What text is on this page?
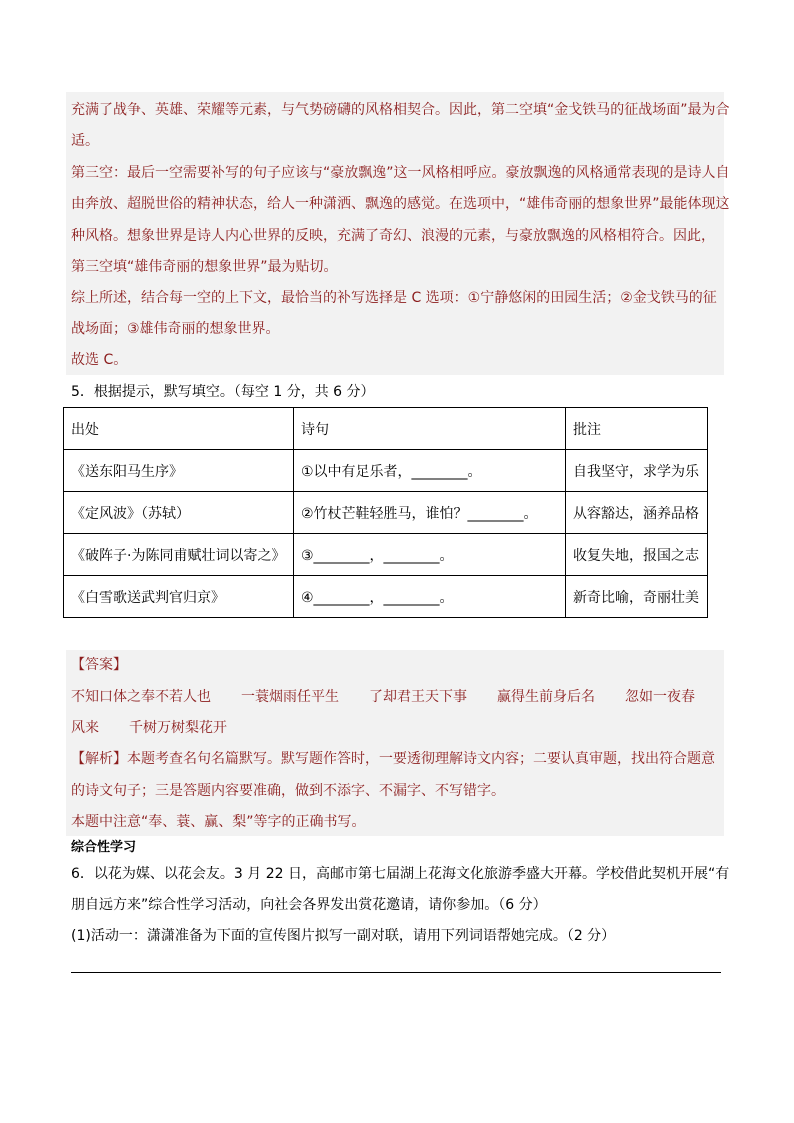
充满了战争、英雄、荣耀等元素，与气势磅礴的风格相契合。因此，第二空填“金戈铁马的征战场面”最为合
适。
第三空：最后一空需要补写的句子应该与“豪放飘逸”这一风格相呼应。豪放飘逸的风格通常表现的是诗人自
由奔放、超脱世俗的精神状态，给人一种潇洒、飘逸的感觉。在选项中，“雄伟奇丽的想象世界”最能体现这
种风格。想象世界是诗人内心世界的反映，充满了奇幻、浪漫的元素，与豪放飘逸的风格相符合。因此，
第三空填“雄伟奇丽的想象世界”最为贴切。
综上所述，结合每一空的上下文，最恰当的补写选择是 C 选项：①宁静悠闲的田园生活；②金戈铁马的征
战场面；③雄伟奇丽的想象世界。
故选 C。
5．根据提示，默写填空。（每空 1 分，共 6 分）
出处	诗句	批注
《送东阳马生序》	①以中有足乐者，________。	自我坚守，求学为乐
《定风波》（苏轼）	②竹杖芒鞋轻胜马，谁怕？________。	从容豁达，涵养品格
《破阵子·为陈同甫赋壮词以寄之》	③________，________。	收复失地，报国之志
《白雪歌送武判官归京》	④________，________。	新奇比喻，奇丽壮美
【答案】
不知口体之奉不若人也 一蓑烟雨任平生 了却君王天下事 赢得生前身后名 忽如一夜春
风来 千树万树梨花开
【解析】本题考查名句名篇默写。默写题作答时，一要透彻理解诗文内容；二要认真审题，找出符合题意
的诗文句子；三是答题内容要准确，做到不添字、不漏字、不写错字。
本题中注意“奉、蓑、赢、梨”等字的正确书写。
综合性学习
6．以花为媒、以花会友。3 月 22 日，高邮市第七届湖上花海文化旅游季盛大开幕。学校借此契机开展“有
朋自远方来”综合性学习活动，向社会各界发出赏花邀请，请你参加。（6 分）
(1)活动一：潇潇准备为下面的宣传图片拟写一副对联，请用下列词语帮她完成。（2 分）
